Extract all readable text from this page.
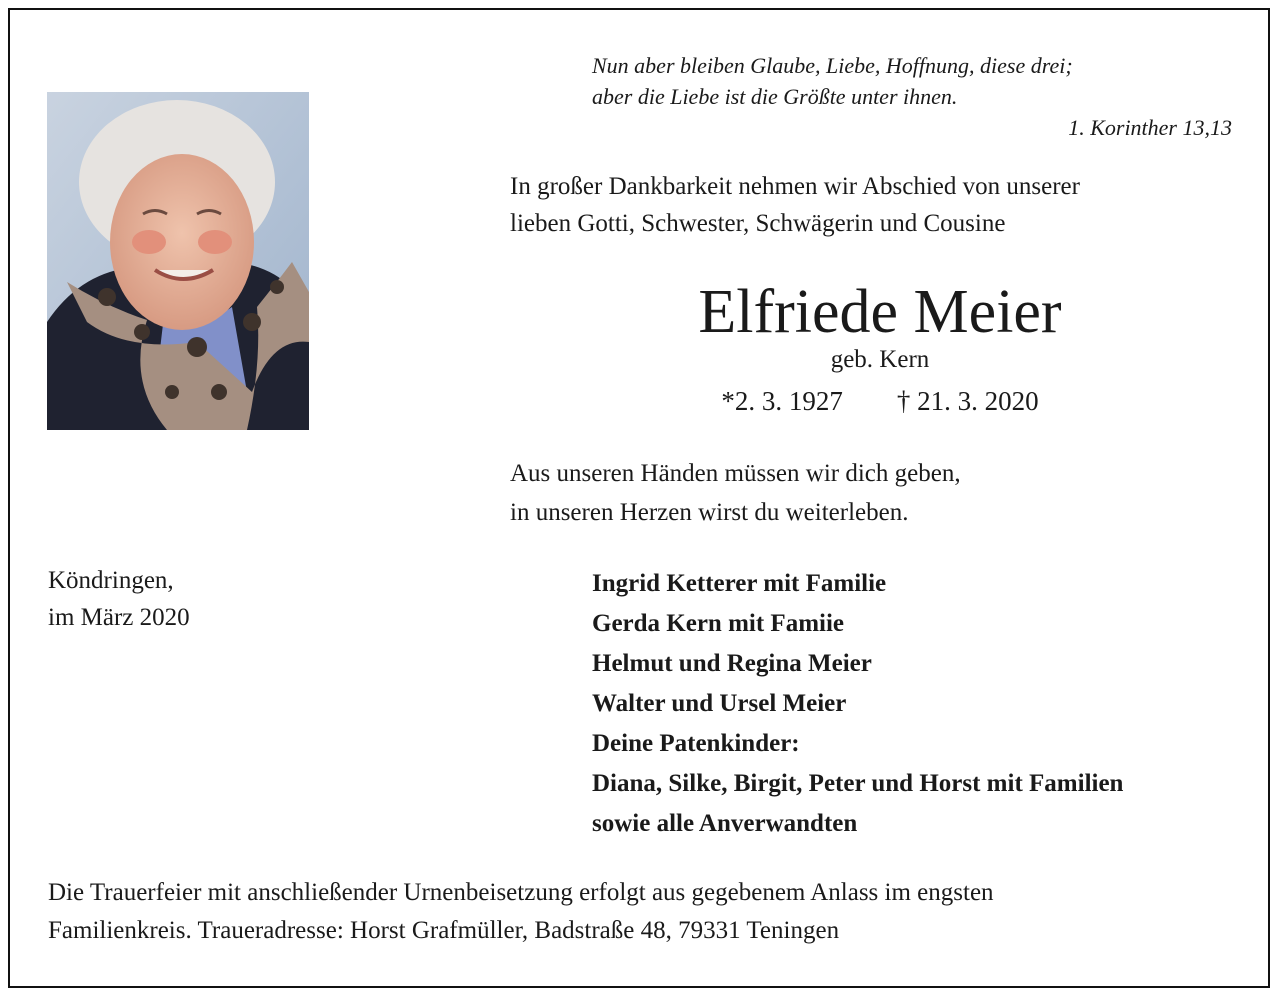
Nun aber bleiben Glaube, Liebe, Hoffnung, diese drei;
aber die Liebe ist die Größte unter ihnen.
1. Korinther 13,13
In großer Dankbarkeit nehmen wir Abschied von unserer
lieben Gotti, Schwester, Schwägerin und Cousine
Elfriede Meier
geb. Kern
*2. 3. 1927 † 21. 3. 2020
Aus unseren Händen müssen wir dich geben,
in unseren Herzen wirst du weiterleben.
Köndringen,
im März 2020
Ingrid Ketterer mit Familie
Gerda Kern mit Famiie
Helmut und Regina Meier
Walter und Ursel Meier
Deine Patenkinder:
Diana, Silke, Birgit, Peter und Horst mit Familien
sowie alle Anverwandten
Die Trauerfeier mit anschließender Urnenbeisetzung erfolgt aus gegebenem Anlass im engsten
Familienkreis. Traueradresse: Horst Grafmüller, Badstraße 48, 79331 Teningen
